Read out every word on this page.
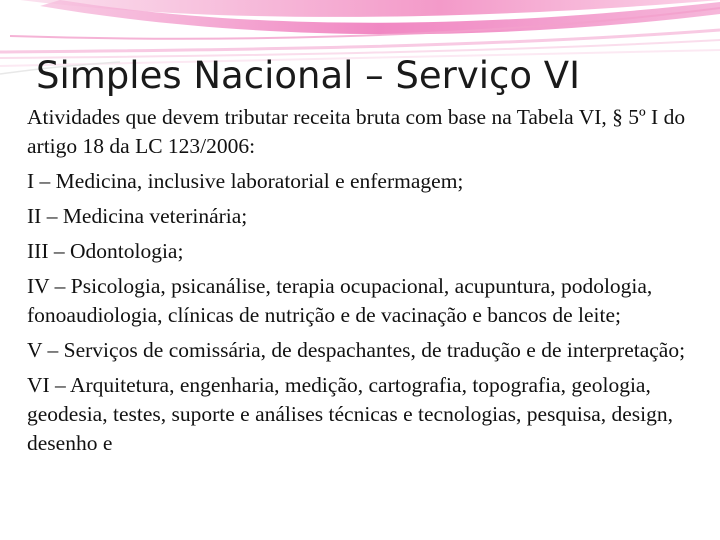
Simples Nacional – Serviço VI

Atividades que devem tributar receita bruta com base na Tabela VI, § 5º I do artigo 18 da LC 123/2006:

I – Medicina, inclusive laboratorial e enfermagem;

II – Medicina veterinária;

III – Odontologia;

IV – Psicologia, psicanálise, terapia ocupacional, acupuntura, podologia, fonoaudiologia, clínicas de nutrição e de vacinação e bancos de leite;

V – Serviços de comissária, de despachantes, de tradução e de interpretação;

VI – Arquitetura, engenharia, medição, cartografia, topografia, geologia, geodesia, testes, suporte e análises técnicas e tecnologias, pesquisa, design, desenho e
